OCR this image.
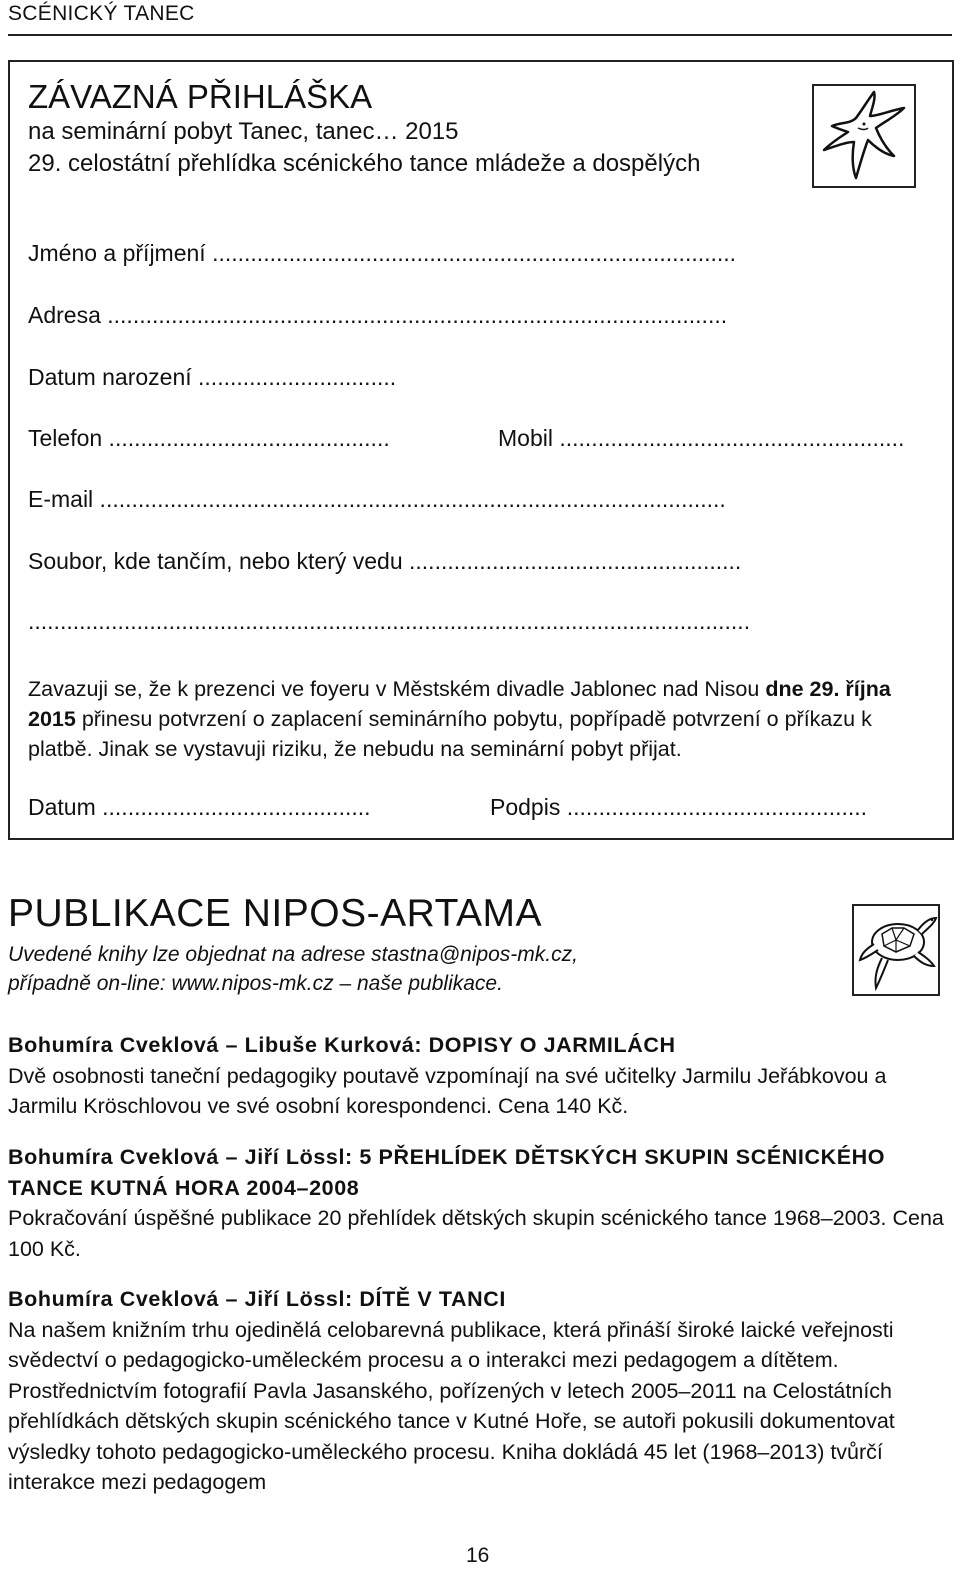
SCÉNICKÝ TANEC
ZÁVAZNÁ PŘIHLÁŠKA
na seminární pobyt Tanec, tanec… 2015
29. celostátní přehlídka scénického tance mládeže a dospělých
Jméno a příjmení ..................................................................................
Adresa .................................................................................................
Datum narození ...............................
Telefon ............................................	Mobil ......................................................
E-mail ..................................................................................................
Soubor, kde tančím, nebo který vedu ....................................................
.................................................................................................................
Zavazuji se, že k prezenci ve foyeru v Městském divadle Jablonec nad Nisou dne 29. října 2015 přinesu potvrzení o zaplacení seminárního pobytu, popřípadě potvrzení o příkazu k platbě. Jinak se vystavuji riziku, že nebudu na seminární pobyt přijat.
Datum ..........................................	Podpis ...............................................
PUBLIKACE NIPOS-ARTAMA
Uvedené knihy lze objednat na adrese stastna@nipos-mk.cz,
případně on-line: www.nipos-mk.cz – naše publikace.
Bohumíra Cveklová – Libuše Kurková: DOPISY O JARMILÁCH
Dvě osobnosti taneční pedagogiky poutavě vzpomínají na své učitelky Jarmilu Jeřábkovou a Jarmilu Kröschlovou ve své osobní korespondenci. Cena 140 Kč.
Bohumíra Cveklová – Jiří Lössl: 5 PŘEHLÍDEK DĚTSKÝCH SKUPIN SCÉNICKÉHO TANCE KUTNÁ HORA 2004–2008
Pokračování úspěšné publikace 20 přehlídek dětských skupin scénického tance 1968–2003. Cena 100 Kč.
Bohumíra Cveklová – Jiří Lössl: DÍTĚ V TANCI
Na našem knižním trhu ojedinělá celobarevná publikace, která přináší široké laické veřejnosti svědectví o pedagogicko-uměleckém procesu a o interakci mezi pedagogem a dítětem. Prostřednictvím fotografií Pavla Jasanského, pořízených v letech 2005–2011 na Celostátních přehlídkách dětských skupin scénického tance v Kutné Hoře, se autoři pokusili dokumentovat výsledky tohoto pedagogicko-uměleckého procesu. Kniha dokládá 45 let (1968–2013) tvůrčí interakce mezi pedagogem
16
